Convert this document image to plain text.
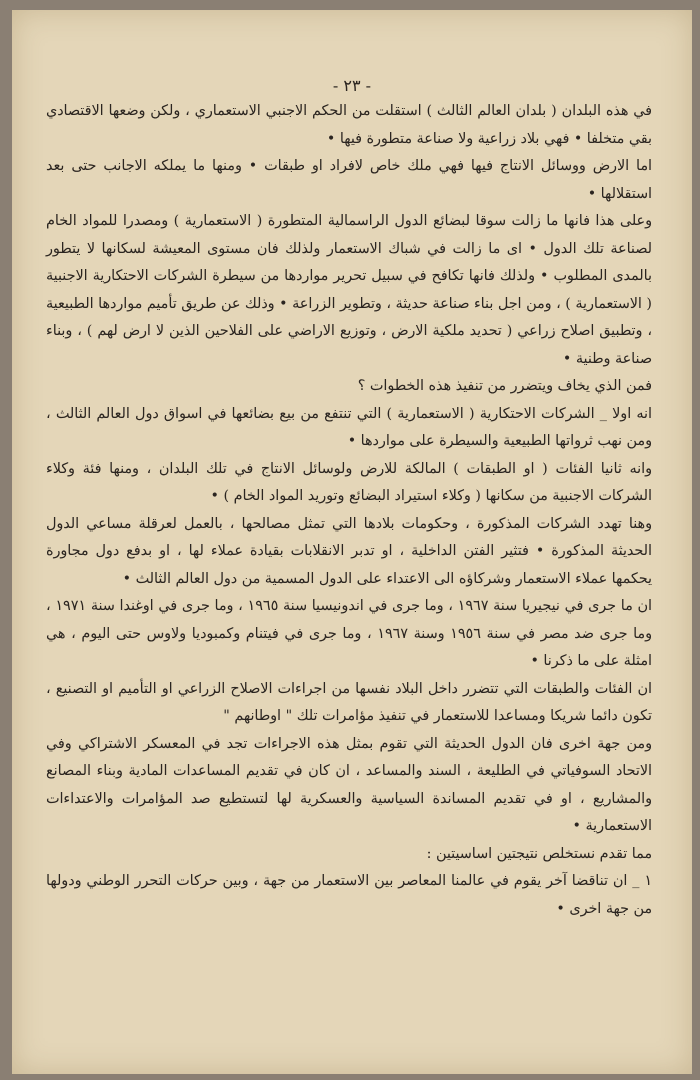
- ٢٣ -

في هذه البلدان ( بلدان العالم الثالث ) استقلت من الحكم الاجنبي الاستعماري ، ولكن وضعها الاقتصادي بقي متخلفا • فهي بلاد زراعية ولا صناعة متطورة فيها •

اما الارض ووسائل الانتاج فيها فهي ملك خاص لافراد او طبقات • ومنها ما يملكه الاجانب حتى بعد استقلالها •

وعلى هذا فانها ما زالت سوقا لبضائع الدول الراسمالية المتطورة ( الاستعمارية ) ومصدرا للمواد الخام لصناعة تلك الدول • اى ما زالت في شباك الاستعمار ولذلك فان مستوى المعيشة لسكانها لا يتطور بالمدى المطلوب • ولذلك فانها تكافح في سبيل تحرير مواردها من سيطرة الشركات الاحتكارية الاجنبية ( الاستعمارية ) ، ومن اجل بناء صناعة حديثة ، وتطوير الزراعة • وذلك عن طريق تأميم مواردها الطبيعية ، وتطبيق اصلاح زراعي ( تحديد ملكية الارض ، وتوزيع الاراضي على الفلاحين الذين لا ارض لهم ) ، وبناء صناعة وطنية •

فمن الذي يخاف ويتضرر من تنفيذ هذه الخطوات ؟

انه اولا _ الشركات الاحتكارية ( الاستعمارية ) التي تنتفع من بيع بضائعها في اسواق دول العالم الثالث ، ومن نهب ثرواتها الطبيعية والسيطرة على مواردها •

وانه ثانيا الفئات ( او الطبقات ) المالكة للارض ولوسائل الانتاج في تلك البلدان ، ومنها فئة وكلاء الشركات الاجنبية من سكانها ( وكلاء استيراد البضائع وتوريد المواد الخام ) •

وهنا تهدد الشركات المذكورة ، وحكومات بلادها التي تمثل مصالحها ، بالعمل لعرقلة مساعي الدول الحديثة المذكورة • فتثير الفتن الداخلية ، او تدبر الانقلابات بقيادة عملاء لها ، او بدفع دول مجاورة يحكمها عملاء الاستعمار وشركاؤه الى الاعتداء على الدول المسمية من دول العالم الثالث •

ان ما جرى في نيجيريا سنة ١٩٦٧ ، وما جرى في اندونيسيا سنة ١٩٦٥ ، وما جرى في اوغندا سنة ١٩٧١ ، وما جرى ضد مصر في سنة ١٩٥٦ وسنة ١٩٦٧ ، وما جرى في فيتنام وكمبوديا ولاوس حتى اليوم ، هي امثلة على ما ذكرنا •

ان الفئات والطبقات التي تتضرر داخل البلاد نفسها من اجراءات الاصلاح الزراعي او التأميم او التصنيع ، تكون دائما شريكا ومساعدا للاستعمار في تنفيذ مؤامرات تلك " اوطانهم "

ومن جهة اخرى فان الدول الحديثة التي تقوم بمثل هذه الاجراءات تجد في المعسكر الاشتراكي وفي الاتحاد السوفياتي في الطليعة ، السند والمساعد ، ان كان في تقديم المساعدات المادية وبناء المصانع والمشاريع ، او في تقديم المساندة السياسية والعسكرية لها لتستطيع صد المؤامرات والاعتداءات الاستعمارية •

مما تقدم نستخلص نتيجتين اساسيتين :

١ _ ان تناقضا آخر يقوم في عالمنا المعاصر بين الاستعمار من جهة ، وبين حركات التحرر الوطني ودولها من جهة اخرى •
